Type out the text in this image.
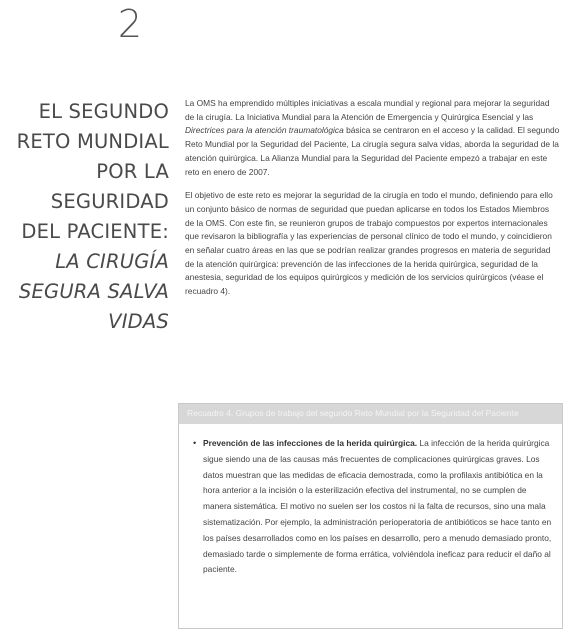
2
EL SEGUNDO
RETO MUNDIAL
POR LA
SEGURIDAD
DEL PACIENTE:
LA CIRUGÍA
SEGURA SALVA
VIDAS

La OMS ha emprendido múltiples iniciativas a escala mundial y regional para mejorar la seguridad de la cirugía. La Iniciativa Mundial para la Atención de Emergencia y Quirúrgica Esencial y las Directrices para la atención traumatológica básica se centraron en el acceso y la calidad. El segundo Reto Mundial por la Seguridad del Paciente, La cirugía segura salva vidas, aborda la seguridad de la atención quirúrgica. La Alianza Mundial para la Seguridad del Paciente empezó a trabajar en este reto en enero de 2007.

El objetivo de este reto es mejorar la seguridad de la cirugía en todo el mundo, definiendo para ello un conjunto básico de normas de seguridad que puedan aplicarse en todos los Estados Miembros de la OMS. Con este fin, se reunieron grupos de trabajo compuestos por expertos internacionales que revisaron la bibliografía y las experiencias de personal clínico de todo el mundo, y coincidieron en señalar cuatro áreas en las que se podrían realizar grandes progresos en materia de seguridad de la atención quirúrgica: prevención de las infecciones de la herida quirúrgica, seguridad de la anestesia, seguridad de los equipos quirúrgicos y medición de los servicios quirúrgicos (véase el recuadro 4).

Recuadro 4. Grupos de trabajo del segundo Reto Mundial por la Seguridad del Paciente
• Prevención de las infecciones de la herida quirúrgica. La infección de la herida quirúrgica sigue siendo una de las causas más frecuentes de complicaciones quirúrgicas graves. Los datos muestran que las medidas de eficacia demostrada, como la profilaxis antibiótica en la hora anterior a la incisión o la esterilización efectiva del instrumental, no se cumplen de manera sistemática. El motivo no suelen ser los costos ni la falta de recursos, sino una mala sistematización. Por ejemplo, la administración perioperatoria de antibióticos se hace tanto en los países desarrollados como en los países en desarrollo, pero a menudo demasiado pronto, demasiado tarde o simplemente de forma errática, volviéndola ineficaz para reducir el daño al paciente.
